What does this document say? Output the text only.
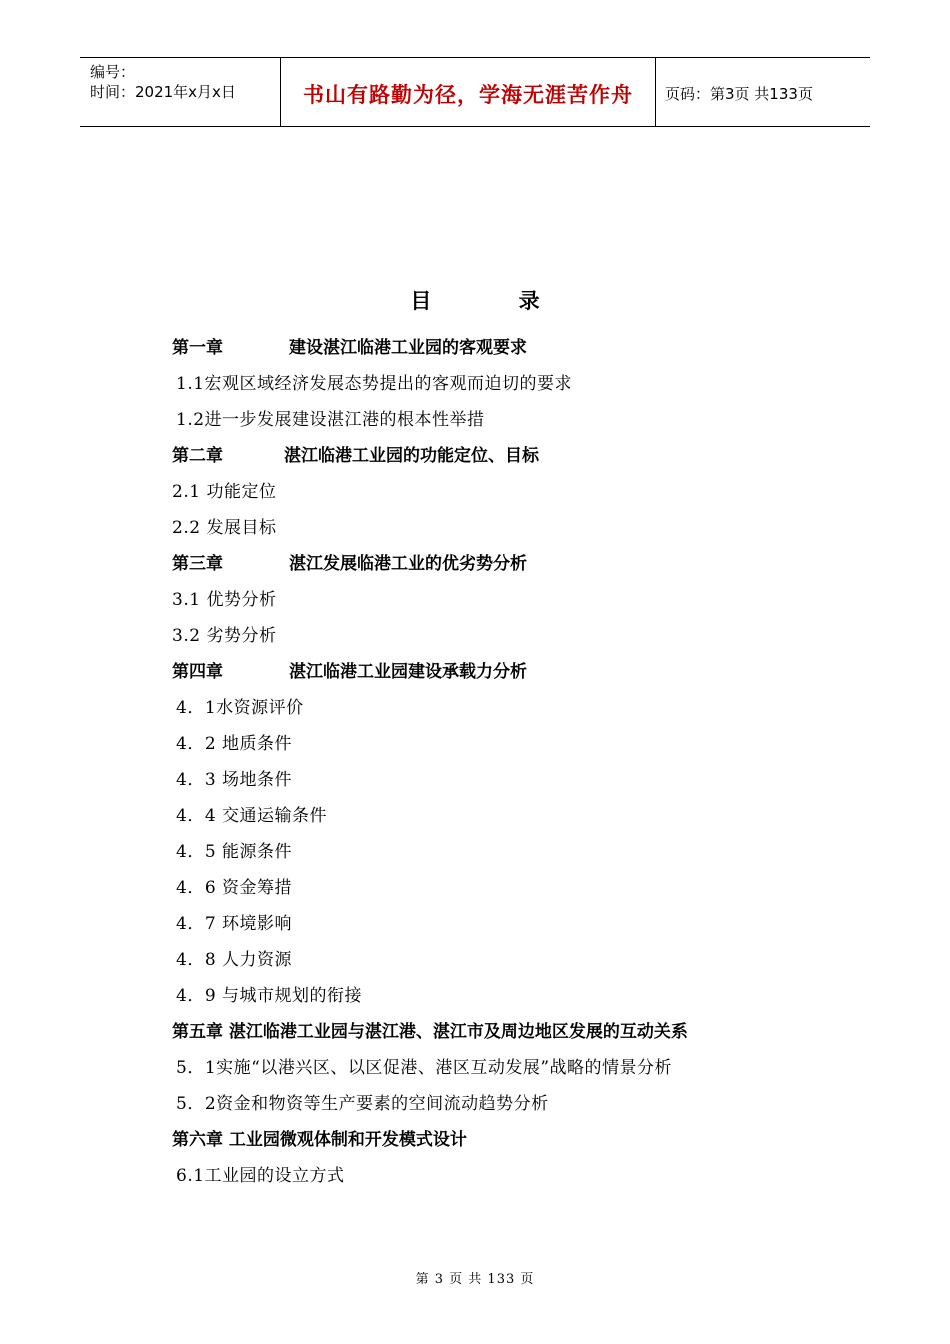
编号：
时间：2021年x月x日	书山有路勤为径，学海无涯苦作舟	页码：第3页 共133页
目 录
第一章	建设湛江临港工业园的客观要求
1.1宏观区域经济发展态势提出的客观而迫切的要求
1.2进一步发展建设湛江港的根本性举措
第二章	湛江临港工业园的功能定位、目标
2.1 功能定位
2.2 发展目标
第三章	湛江发展临港工业的优劣势分析
3.1 优势分析
3.2 劣势分析
第四章	湛江临港工业园建设承载力分析
4．1水资源评价
4．2 地质条件
4．3 场地条件
4．4 交通运输条件
4．5 能源条件
4．6 资金筹措
4．7 环境影响
4．8 人力资源
4．9 与城市规划的衔接
第五章 湛江临港工业园与湛江港、湛江市及周边地区发展的互动关系
5．1实施“以港兴区、以区促港、港区互动发展”战略的情景分析
5．2资金和物资等生产要素的空间流动趋势分析
第六章 工业园微观体制和开发模式设计
6.1工业园的设立方式
第 3 页 共 133 页
